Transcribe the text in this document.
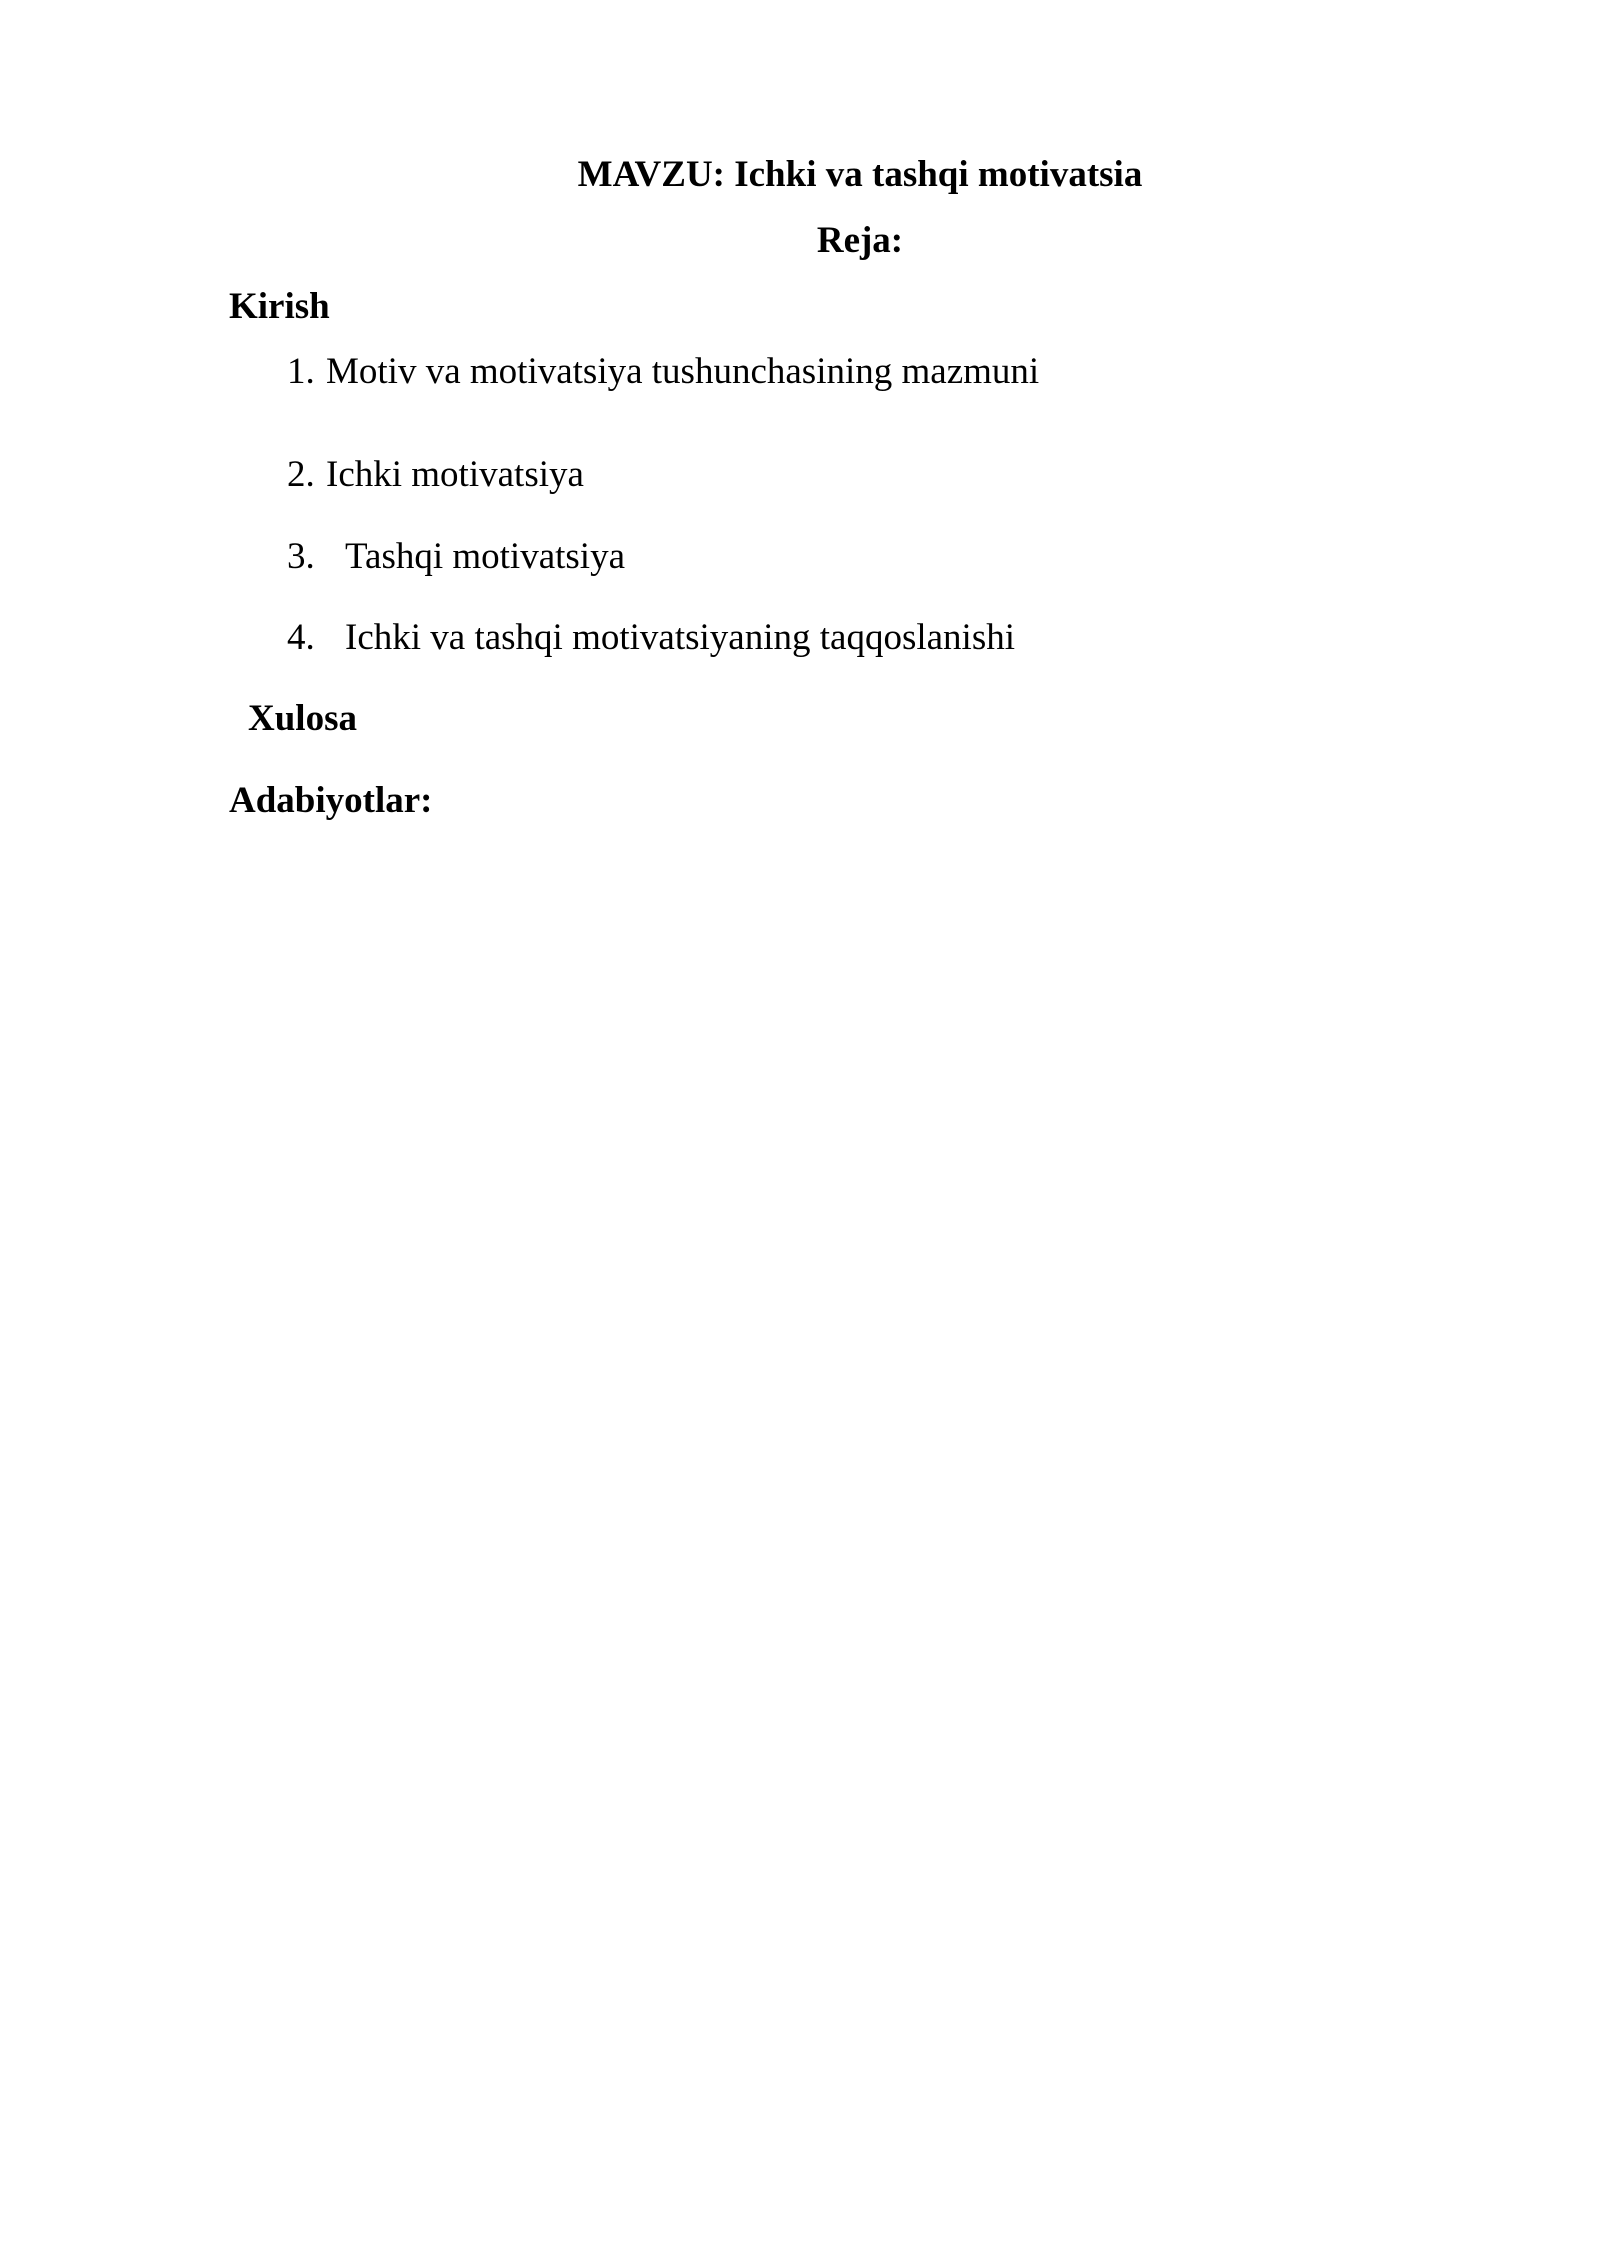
MAVZU: Ichki va tashqi motivatsia
Reja:
Kirish
1. Motiv va motivatsiya tushunchasining mazmuni
2. Ichki motivatsiya
3. Tashqi motivatsiya
4. Ichki va tashqi motivatsiyaning taqqoslanishi
Xulosa
Adabiyotlar:
